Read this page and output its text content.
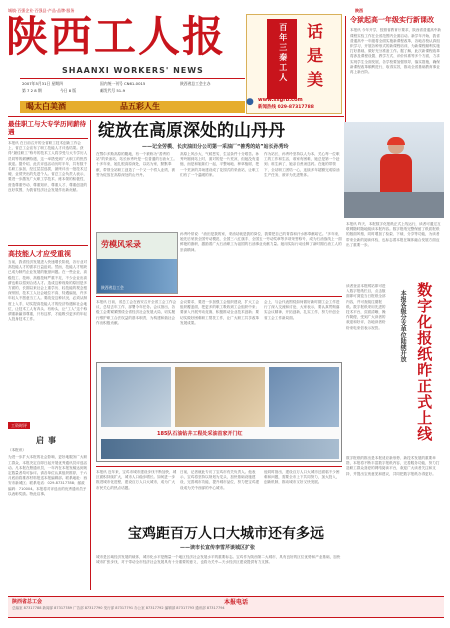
城镇·百强企业·百强县·产品·品牌·服务	陕西
陕西工人报
SHAANXI WORKERS' NEWS
2007年5月31日 星期四
第 7 2 8 期	今日 8 版
国内统一刊号 CN61-0015
邮发代号 51-9
陕西省总工会主办
喝太白美酒	品五彩人生
百年三秦工人	话
是
美
● www.sxgrb.com
新闻热线 029-87317788
令狱起高一年级实行新课改
本报讯 今年开学，按照省教育厅要求，陕西省普通高中新课程实验工作在全省范围内全面启动。新学年开始，我省普通高中一年级将全面实施新课程改革，各地各校认真组织学习，开展各种形式的新课程培训，为新课程顺利实施打好基础，做好充分准备工作。据了解，此次新课程改革将涉及课程设置、教学方式、评价体系等多个方面，力求实现学生全面发展，各学校要加强领导，落实措施，确保新课程改革顺利进行，取得实效，推动全省基础教育事业再上新台阶。
最佳职工与大专学历同薪待遇
本报讯 在日前召开的全省职工技术创新工作会上，省总工会宣布了职工技能人才评选结果。获得“最佳职工”称号的技术工人将享受与大专学历人员同等的薪酬待遇，这一举措受到广大职工的热烈欢迎。据介绍，此次评选活动历时半年，共有数千名职工参加，经过层层选拔，最终评出一批技术过硬、业绩突出的先进个人。省总工会负责人表示，要进一步激发广大职工学技术、练本领的积极性，营造尊重劳动、尊重知识、尊重人才、尊重创造的良好氛围，为我省经济社会发展作出新贡献。
高技能人才应受重视
当前，我省经济发展进入快速增长阶段，各行业对高技能人才的需求日益迫切。然而，技能人才短缺已成为制约企业发展的瓶颈问题。在一些企业，高级技工、技师、高级技师严重不足，不少企业出高薪也难以招到合适人才。造成这种现象的原因是多方面的，长期以来社会上重学历、轻技能的观念根深蒂固，技术工人社会地位不高、待遇偏低，许多年轻人不愿意当工人。要改变这种状况，必须从制度上入手，切实提高技能人才的经济待遇和社会地位，让技术工人有奔头、有盼头，让“工人”这个称谓重新赢得尊重，只有这样，才能吸引更多的年轻人投身技术工作。
工资时评
启事
（本报讯）
为进一步扩大本报的社会影响，更好地服务广大职工群众，本报决定自即日起开展优秀通讯员评选活动。凡本报在册通讯员，一年内在本报发稿达到规定数量者均可参评。请各单位认真组织推荐，于六月底前将推荐材料报送本报编辑部。联系地址：西安市新城区；联系电话：029-87317788；邮政编码：710004。本报将对评选出的优秀通讯员予以表彰奖励。特此启事。
绽放在高原深处的山丹丹
——记全劳模、长庆油田分公司第一采油厂“善秀的站”站长孙秀玲
在鄂尔多斯高原的腹地，有一个被称为“善秀的站”的采油站，站长孙秀玲是一位普通的石油女工。十多年来，她扎根高原深处，以站为家，默默奉献，带领全站职工创造了一个又一个骄人业绩，被誉为绽放在高原深处的山丹丹。
高原上风沙大、气候恶劣，生活条件十分艰苦。孙秀玲刚到站上时，面对的是一片荒凉，但她没有退缩，而是和姐妹们一起，平整场地、种草植树，把一个荒凉的井场建设成了花园式的采油站，让职工们有了一个温暖的家。
作为站长，孙秀玲坚持以人为本，关心每一位职工的工作和生活，谁家有困难，她总是第一个赶到；谁生病了，她亲自煮汤送药。在她的带领下，全站职工团结一心，连续多年超额完成原油生产任务，被评为先进集体。
劳模风采录
陕西省总工会
孙秀玲常说：“油田是我的家，采油站就是我的岗位，我要把自己的青春和汗水都奉献给它。”多年来，她先后荣获全国劳动模范、全国三八红旗手、全国五一劳动奖章等多项荣誉称号，成为石油战线上一面鲜艳的旗帜，激励着广大石油职工为祖国的石油事业贡献力量。她用实际行动诠释了新时期石油工人的崇高精神。
本报讯 昨天，本报数字化报纸正式上线运行，读者可通过互联网随时随地阅读本报内容。数字报纸完整保留了纸质报纸的版面风格，同时增加了检索、下载、分享等功能，为读者带来全新的阅读体验，也标志着本报在媒体融合发展方面迈出了重要一步。
数字化报纸昨正式上线
本报各级分支单位陆续开放
读者登录本报网站即可进入数字报纸栏目，点击版面即可浏览当日报纸全部内容，并可查阅往期报纸。数字报纸采用先进的技术平台，页面清晰，操作简便，受到广大读者的欢迎和好评，各地读者纷纷来电来信表示祝贺。
本报讯 日前，省总工会在西安召开全省工会工作会议，总结去年工作，部署今年任务。会议指出，各级工会要紧紧围绕全省经济社会发展大局，切实履行维护职工合法权益的基本职责，为构建和谐社会作出积极贡献。
会议要求，要进一步加强工会组织建设，扩大工会组织覆盖面，把更多的职工吸收到工会组织中来；要深入开展劳动竞赛，积极推动企业技术创新；要切实做好困难职工帮扶工作，让广大职工共享改革发展成果。
会上，与会代表围绕如何做好新时期工会工作进行了深入交流和讨论，大家表示，要认真贯彻落实会议精神，开拓创新，扎实工作，努力开创全省工会工作新局面。
185队石油钻井工程处采油首家开门红
数字报纸的推出是本报适应新形势、新技术发展的重要举措，本报将不断丰富数字报纸内容，完善服务功能，努力打造职工群众喜爱的网络阅读平台，欢迎广大读者关注和支持，并提出宝贵意见和建议，共同把数字报纸办得更好。
本报讯 近年来，宝鸡市城市建设步伐不断加快，城区面积持续扩大，城市人口稳步增长。如何进一步推进城市化进程，建设百万人口大城市，成为广大市民关心的热点话题。
日前，记者就此专访了宝鸡市有关负责人。他表示，宝鸡将坚持以规划为龙头，加快基础设施建设，完善城市功能，提升城市品位，努力把宝鸡建设成为关中西部的中心城市。
他同时指出，建设百万人口大城市还面临不少困难和问题，需要全市上下共同努力，加大投入，创新机制，推动城市又好又快发展。
宝鸡距百万人口大城市还有多远
——读市长宣传李雪芹谈城区扩张
城市是区域经济发展的载体，城市化水平是衡量一个地区经济社会发展水平的重要标志。宝鸡作为陕西第二大城市，具有良好的区位优势和产业基础，加快城市扩张步伐，对于带动全市经济社会发展具有十分重要的意义，也将为关中—天水经济区建设提供有力支撑。
陕西省总工会	本报电话
总编室 87317788 新闻部 87317789 广告部 87317790 发行部 87317791 办公室 87317792 编辑部 87317793 通讯部 87317794
